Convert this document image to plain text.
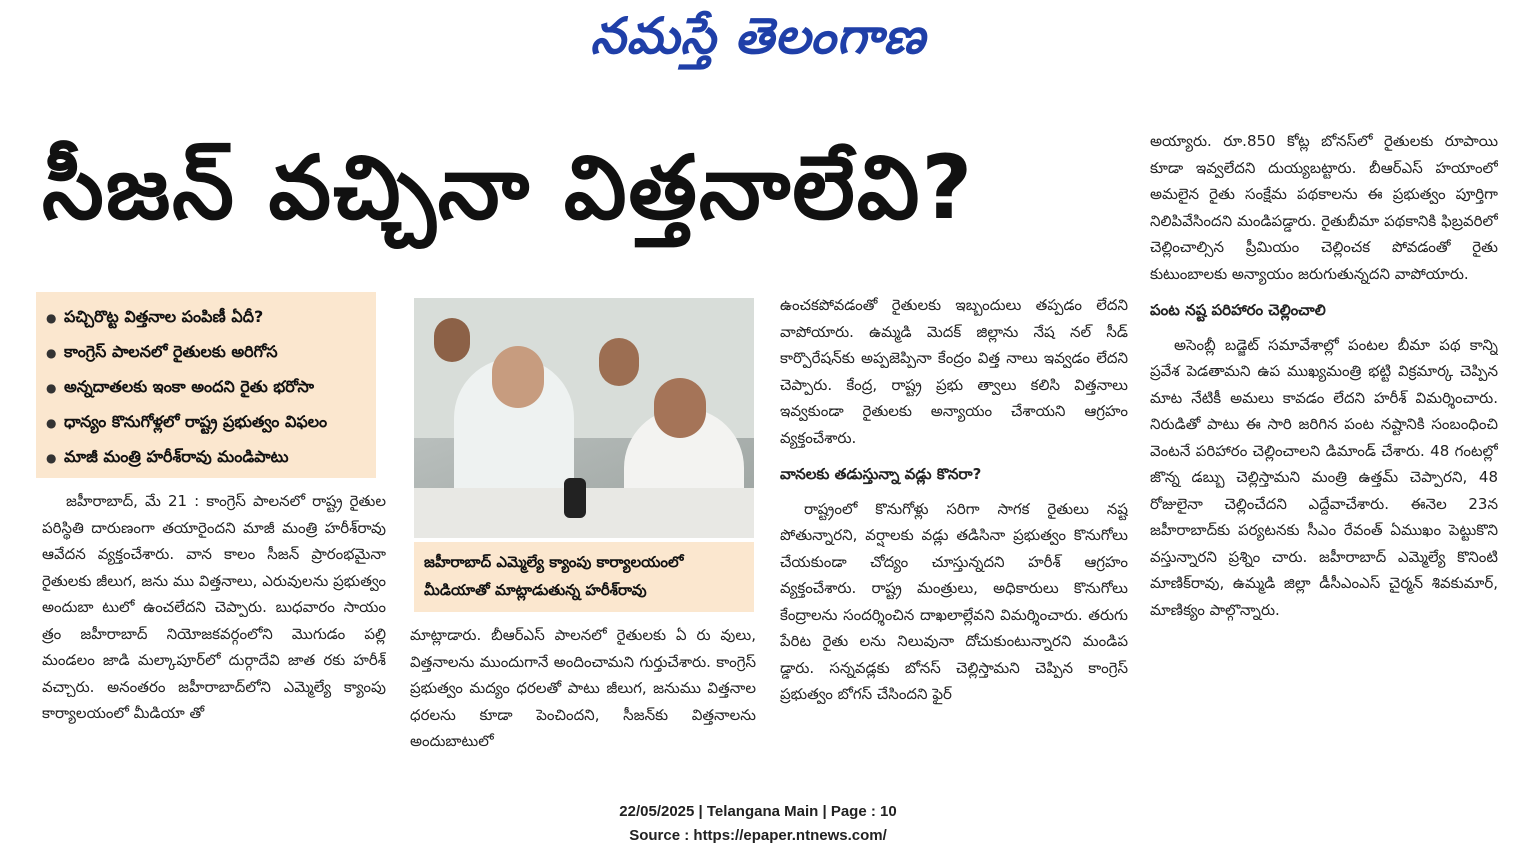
నమస్తే తెలంగాణ
సీజన్ వచ్చినా విత్తనాలేవి?
● పచ్చిరొట్ట విత్తనాల పంపిణీ ఏదీ?
● కాంగ్రెస్ పాలనలో రైతులకు అరిగోస
● అన్నదాతలకు ఇంకా అందని రైతు భరోసా
● ధాన్యం కొనుగోళ్లలో రాష్ట్ర ప్రభుత్వం విఫలం
● మాజీ మంత్రి హరీశ్‌రావు మండిపాటు

జహీరాబాద్, మే 21 : కాంగ్రెస్ పాలనలో రాష్ట్ర రైతుల పరిస్థితి దారుణంగా తయారైందని మాజీ మంత్రి హరీశ్‌రావు ఆవేదన వ్యక్తంచేశారు. వాన కాలం సీజన్ ప్రారంభమైనా రైతులకు జీలుగ, జను ము విత్తనాలు, ఎరువులను ప్రభుత్వం అందుబా టులో ఉంచలేదని చెప్పారు. బుధవారం సాయం త్రం జహీరాబాద్ నియోజకవర్గంలోని మొగుడం పల్లి మండలం జాడి మల్కాపూర్‌లో దుర్గాదేవి జాత రకు హరీశ్ వచ్చారు. అనంతరం జహీరాబాద్‌లోని ఎమ్మెల్యే క్యాంపు కార్యాలయంలో మీడియా తో

జహీరాబాద్ ఎమ్మెల్యే క్యాంపు కార్యాలయంలో మీడియాతో మాట్లాడుతున్న హరీశ్‌రావు

మాట్లాడారు. బీఆర్‌ఎస్ పాలనలో రైతులకు ఏ రు వులు, విత్తనాలను ముందుగానే అందించామని గుర్తుచేశారు. కాంగ్రెస్ ప్రభుత్వం మద్యం ధరలతో పాటు జీలుగ, జనుము విత్తనాల ధరలను కూడా పెంచిందని, సీజన్‌కు విత్తనాలను అందుబాటులో

ఉంచకపోవడంతో రైతులకు ఇబ్బందులు తప్పడం లేదని వాపోయారు. ఉమ్మడి మెదక్ జిల్లాను నేష నల్ సీడ్ కార్పొరేషన్‌కు అప్పజెప్పినా కేంద్రం విత్త నాలు ఇవ్వడం లేదని చెప్పారు. కేంద్ర, రాష్ట్ర ప్రభు త్వాలు కలిసి విత్తనాలు ఇవ్వకుండా రైతులకు అన్యాయం చేశాయని ఆగ్రహం వ్యక్తంచేశారు.

వానలకు తడుస్తున్నా వడ్లు కొనరా?

రాష్ట్రంలో కొనుగోళ్లు సరిగా సాగక రైతులు నష్ట పోతున్నారని, వర్షాలకు వడ్లు తడిసినా ప్రభుత్వం కొనుగోలు చేయకుండా చోద్యం చూస్తున్నదని హరీశ్ ఆగ్రహం వ్యక్తంచేశారు. రాష్ట్ర మంత్రులు, అధికారులు కొనుగోలు కేంద్రాలను సందర్శించిన దాఖలాల్లేవని విమర్శించారు. తరుగు పేరిట రైతు లను నిలువునా దోచుకుంటున్నారని మండిప డ్డారు. సన్నవడ్లకు బోనస్ చెల్లిస్తామని చెప్పిన కాంగ్రెస్ ప్రభుత్వం బోగస్ చేసిందని ఫైర్

అయ్యారు. రూ.850 కోట్ల బోనస్‌లో రైతులకు రూపాయి కూడా ఇవ్వలేదని దుయ్యబట్టారు. బీఆర్‌ఎస్ హయాంలో అమలైన రైతు సంక్షేమ పథకాలను ఈ ప్రభుత్వం పూర్తిగా నిలిపివేసిందని మండిపడ్డారు. రైతుబీమా పథకానికి ఫిబ్రవరిలో చెల్లించాల్సిన ప్రీమియం చెల్లించక పోవడంతో రైతు కుటుంబాలకు అన్యాయం జరుగుతున్నదని వాపోయారు.

పంట నష్ట పరిహారం చెల్లించాలి

అసెంబ్లీ బడ్జెట్ సమావేశాల్లో పంటల బీమా పథ కాన్ని ప్రవేశ పెడతామని ఉప ముఖ్యమంత్రి భట్టి విక్రమార్క చెప్పిన మాట నేటికీ అమలు కావడం లేదని హరీశ్ విమర్శించారు. నిరుడితో పాటు ఈ సారి జరిగిన పంట నష్టానికి సంబంధించి వెంటనే పరిహారం చెల్లించాలని డిమాండ్ చేశారు. 48 గంటల్లో జొన్న డబ్బు చెల్లిస్తామని మంత్రి ఉత్తమ్ చెప్పారని, 48 రోజులైనా చెల్లించేదని ఎద్దేవాచేశారు. ఈనెల 23న జహీరాబాద్‌కు పర్యటనకు సీఎం రేవంత్ ఏముఖం పెట్టుకొని వస్తున్నారని ప్రశ్నిం చారు. జహీరాబాద్ ఎమ్మెల్యే కొనింటి మాణిక్‌రావు, ఉమ్మడి జిల్లా డీసీఎంఎస్ చైర్మన్ శివకుమార్, మాణిక్యం పాల్గొన్నారు.

22/05/2025 | Telangana Main | Page : 10
Source : https://epaper.ntnews.com/
